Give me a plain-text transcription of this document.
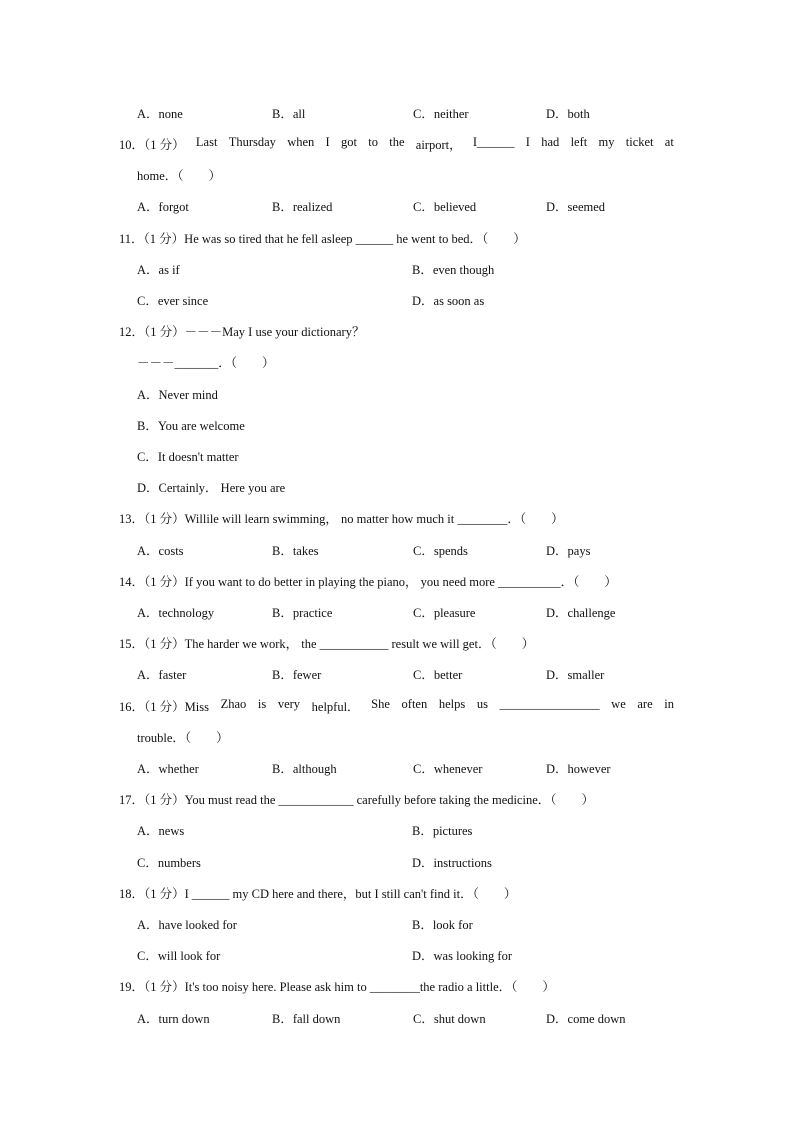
A．none	B．all	C．neither	D．both
10．（1 分） Last Thursday when I got to the airport， I______ I had left my ticket at
home．（　　）
A．forgot	B．realized	C．believed	D．seemed
11．（1 分）He was so tired that he fell asleep ______ he went to bed．（　　）
A．as if	B．even though
C．ever since	D．as soon as
12．（1 分）－－－May I use your dictionary？
－－－_______．（　　）
A．Never mind
B．You are welcome
C．It doesn't matter
D．Certainly． Here you are
13．（1 分）Willile will learn swimming， no matter how much it ________．（　　）
A．costs	B．takes	C．spends	D．pays
14．（1 分）If you want to do better in playing the piano， you need more __________．（　　）
A．technology	B．practice	C．pleasure	D．challenge
15．（1 分）The harder we work， the ___________ result we will get．（　　）
A．faster	B．fewer	C．better	D．smaller
16．（1 分）Miss Zhao is very helpful． She often helps us ________________ we are in
trouble．（　　）
A．whether	B．although	C．whenever	D．however
17．（1 分）You must read the ____________ carefully before taking the medicine．（　　）
A．news	B．pictures
C．numbers	D．instructions
18．（1 分）I ______ my CD here and there，but I still can't find it．（　　）
A．have looked for	B．look for
C．will look for	D．was looking for
19．（1 分）It's too noisy here. Please ask him to ________the radio a little．（　　）
A．turn down	B．fall down	C．shut down	D．come down
